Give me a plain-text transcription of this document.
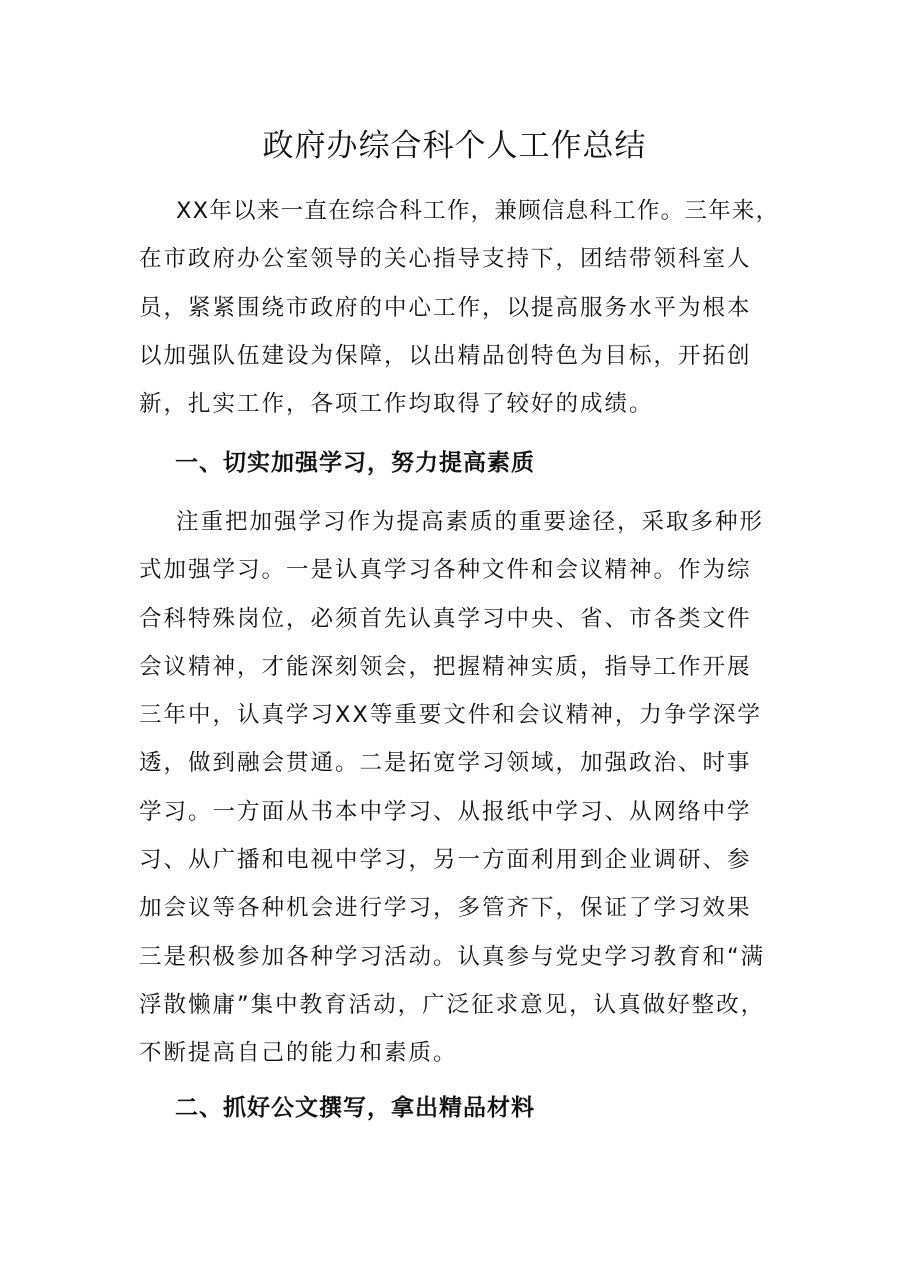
政府办综合科个人工作总结

XX年以来一直在综合科工作，兼顾信息科工作。三年来，
在市政府办公室领导的关心指导支持下，团结带领科室人
员，紧紧围绕市政府的中心工作，以提高服务水平为根本
以加强队伍建设为保障，以出精品创特色为目标，开拓创
新，扎实工作，各项工作均取得了较好的成绩。

一、切实加强学习，努力提高素质

注重把加强学习作为提高素质的重要途径，采取多种形
式加强学习。一是认真学习各种文件和会议精神。作为综
合科特殊岗位，必须首先认真学习中央、省、市各类文件
会议精神，才能深刻领会，把握精神实质，指导工作开展
三年中，认真学习XX等重要文件和会议精神，力争学深学
透，做到融会贯通。二是拓宽学习领域，加强政治、时事
学习。一方面从书本中学习、从报纸中学习、从网络中学
习、从广播和电视中学习，另一方面利用到企业调研、参
加会议等各种机会进行学习，多管齐下，保证了学习效果
三是积极参加各种学习活动。认真参与党史学习教育和“满
浮散懒庸”集中教育活动，广泛征求意见，认真做好整改，
不断提高自己的能力和素质。

二、抓好公文撰写，拿出精品材料
